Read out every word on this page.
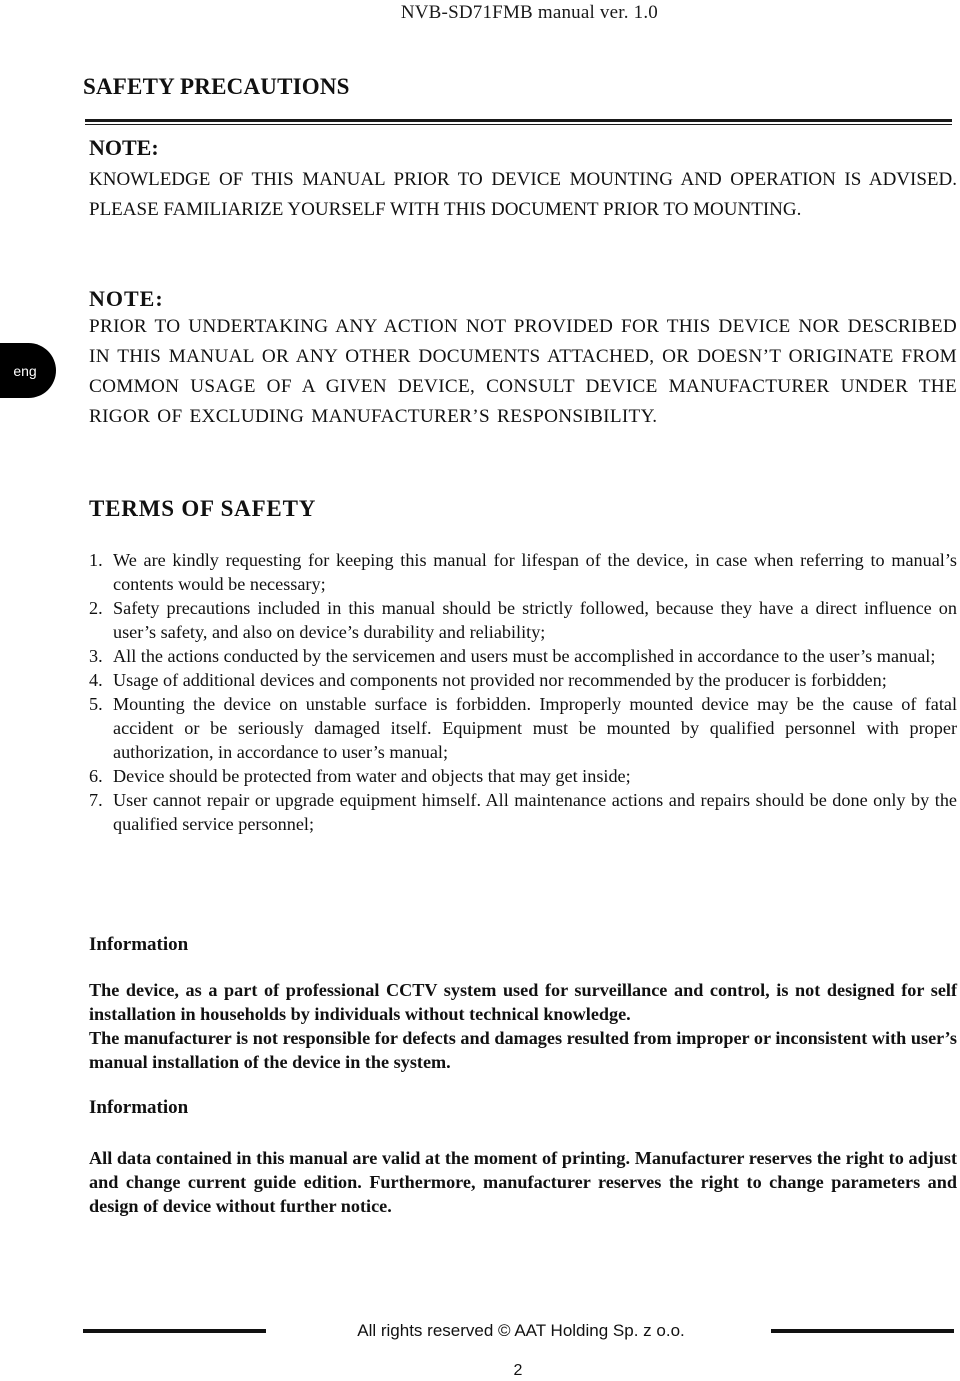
NVB-SD71FMB manual ver. 1.0
SAFETY PRECAUTIONS
NOTE:
KNOWLEDGE OF THIS MANUAL PRIOR TO DEVICE MOUNTING AND OPERATION IS ADVISED. PLEASE FAMILIARIZE YOURSELF WITH THIS DOCUMENT PRIOR TO MOUNTING.
eng
NOTE:
PRIOR TO UNDERTAKING ANY ACTION NOT PROVIDED FOR THIS DEVICE NOR DESCRIBED IN THIS MANUAL OR ANY OTHER DOCUMENTS ATTACHED, OR DOESN’T ORIGINATE FROM COMMON USAGE OF A GIVEN DEVICE, CONSULT DEVICE MANUFACTURER UNDER THE RIGOR OF EXCLUDING MANUFACTURER’S RESPONSIBILITY.
TERMS OF SAFETY
1. We are kindly requesting for keeping this manual for lifespan of the device, in case when referring to manual’s contents would be necessary;
2. Safety precautions included in this manual should be strictly followed, because they have a direct influence on user’s safety, and also on device’s durability and reliability;
3. All the actions conducted by the servicemen and users must be accomplished in accordance to the user’s manual;
4. Usage of additional devices and components not provided nor recommended by the producer is forbidden;
5. Mounting the device on unstable surface is forbidden. Improperly mounted device may be the cause of fatal accident or be seriously damaged itself. Equipment must be mounted by qualified personnel with proper authorization, in accordance to user’s manual;
6. Device should be protected from water and objects that may get inside;
7. User cannot repair or upgrade equipment himself. All maintenance actions and repairs should be done only by the qualified service personnel;
Information

The device, as a part of professional CCTV system used for surveillance and control, is not designed for self installation in households by individuals without technical knowledge.

The manufacturer is not responsible for defects and damages resulted from improper or inconsistent with user’s manual installation of the device in the system.

Information

All data contained in this manual are valid at the moment of printing. Manufacturer reserves the right to adjust and change current guide edition. Furthermore, manufacturer reserves the right to change parameters and design of device without further notice.

All rights reserved © AAT Holding Sp. z o.o.
2
